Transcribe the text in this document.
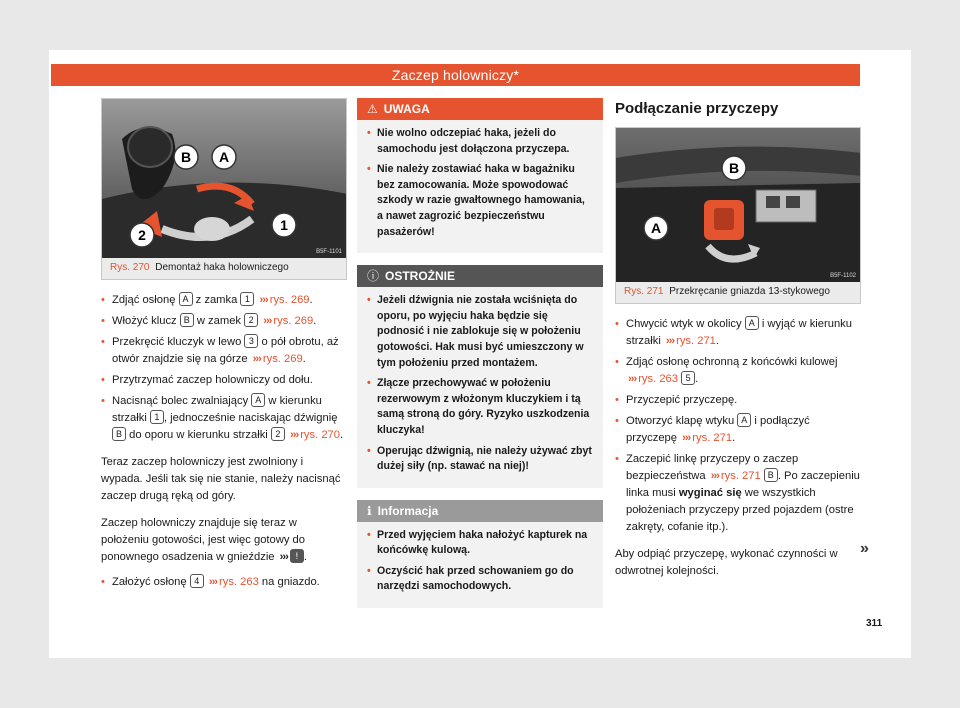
Zaczep holowniczy*
B A
2
1
B5F-1101
Rys. 270 Demontaż haka holowniczego
• Zdjąć osłonę A z zamka 1 ››› rys. 269.
• Włożyć klucz B w zamek 2 ››› rys. 269.
• Przekręcić kluczyk w lewo 3 o pół obrotu, aż otwór znajdzie się na górze ››› rys. 269.
• Przytrzymać zaczep holowniczy od dołu.
• Nacisnąć bolec zwalniający A w kierunku strzałki 1 , jednocześnie naciskając dźwignię B do oporu w kierunku strzałki 2 ››› rys. 270.

Teraz zaczep holowniczy jest zwolniony i wypada. Jeśli tak się nie stanie, należy nacisnąć zaczep drugą ręką od góry.

Zaczep holowniczy znajduje się teraz w położeniu gotowości, jest więc gotowy do ponownego osadzenia w gnieździe ››› ! .

• Założyć osłonę 4 ››› rys. 263 na gniazdo.
⚠ UWAGA

• Nie wolno odczepiać haka, jeżeli do samochodu jest dołączona przyczepa.

• Nie należy zostawiać haka w bagażniku bez zamocowania. Może spowodować szkody w razie gwałtownego hamowania, a nawet zagrozić bezpieczeństwu pasażerów!

ⓘ OSTROŻNIE

• Jeżeli dźwignia nie została wciśnięta do oporu, po wyjęciu haka będzie się podnosić i nie zablokuje się w położeniu gotowości. Hak musi być umieszczony w tym położeniu przed montażem.

• Złącze przechowywać w położeniu rezerwowym z włożonym kluczykiem i tą samą stroną do góry. Ryzyko uszkodzenia kluczyka!

• Operując dźwignią, nie należy używać zbyt dużej siły (np. stawać na niej)!

ℹ Informacja

• Przed wyjęciem haka nałożyć kapturek na końcówkę kulową.

• Oczyścić hak przed schowaniem go do narzędzi samochodowych.

Podłączanie przyczepy
B
A
B5F-1102
Rys. 271 Przekręcanie gniazda 13-stykowego
• Chwycić wtyk w okolicy A i wyjąć w kierunku strzałki ››› rys. 271.
• Zdjąć osłonę ochronną z końcówki kulowej ››› rys. 263 5 .
• Przyczepić przyczepę.
• Otworzyć klapę wtyku A i podłączyć przyczepę ››› rys. 271.
• Zaczepić linkę przyczepy o zaczep bezpieczeństwa ››› rys. 271 B . Po zaczepieniu linka musi wyginać się we wszystkich położeniach przyczepy przed pojazdem (ostre zakręty, cofanie itp.).

Aby odpiąć przyczepę, wykonać czynności w odwrotnej kolejności.

»
311
